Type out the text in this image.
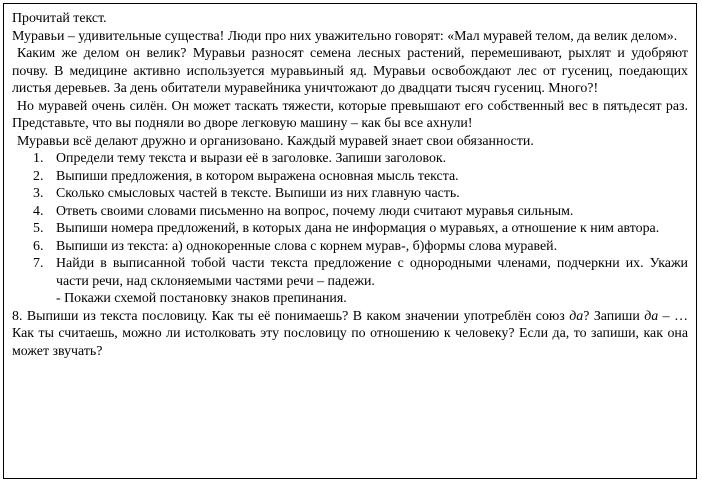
Прочитай текст.

Муравьи – удивительные существа! Люди про них уважительно говорят: «Мал муравей телом, да велик делом».

Каким же делом он велик? Муравьи разносят семена лесных растений, перемешивают, рыхлят и удобряют почву. В медицине активно используется муравьиный яд. Муравьи освобождают лес от гусениц, поедающих листья деревьев. За день обитатели муравейника уничтожают до двадцати тысяч гусениц. Много?!

Но муравей очень силён. Он может таскать тяжести, которые превышают его собственный вес в пятьдесят раз. Представьте, что вы подняли во дворе легковую машину – как бы все ахнули!

Муравьи всё делают дружно и организовано. Каждый муравей знает свои обязанности.

1. Определи тему текста и вырази её в заголовке. Запиши заголовок.
2. Выпиши предложения, в котором выражена основная мысль текста.
3. Сколько смысловых частей в тексте. Выпиши из них главную часть.
4. Ответь своими словами письменно на вопрос, почему люди считают муравья сильным.
5. Выпиши номера предложений, в которых дана не информация о муравьях, а отношение к ним автора.
6. Выпиши из текста: а) однокоренные слова с корнем мурав-, б)формы слова муравей.
7. Найди в выписанной тобой части текста предложение с однородными членами, подчеркни их. Укажи части речи, над склоняемыми частями речи – падежи.
- Покажи схемой постановку знаков препинания.

8. Выпиши из текста пословицу. Как ты её понимаешь? В каком значении употреблён союз да? Запиши да – … Как ты считаешь, можно ли истолковать эту пословицу по отношению к человеку? Если да, то запиши, как она может звучать?
